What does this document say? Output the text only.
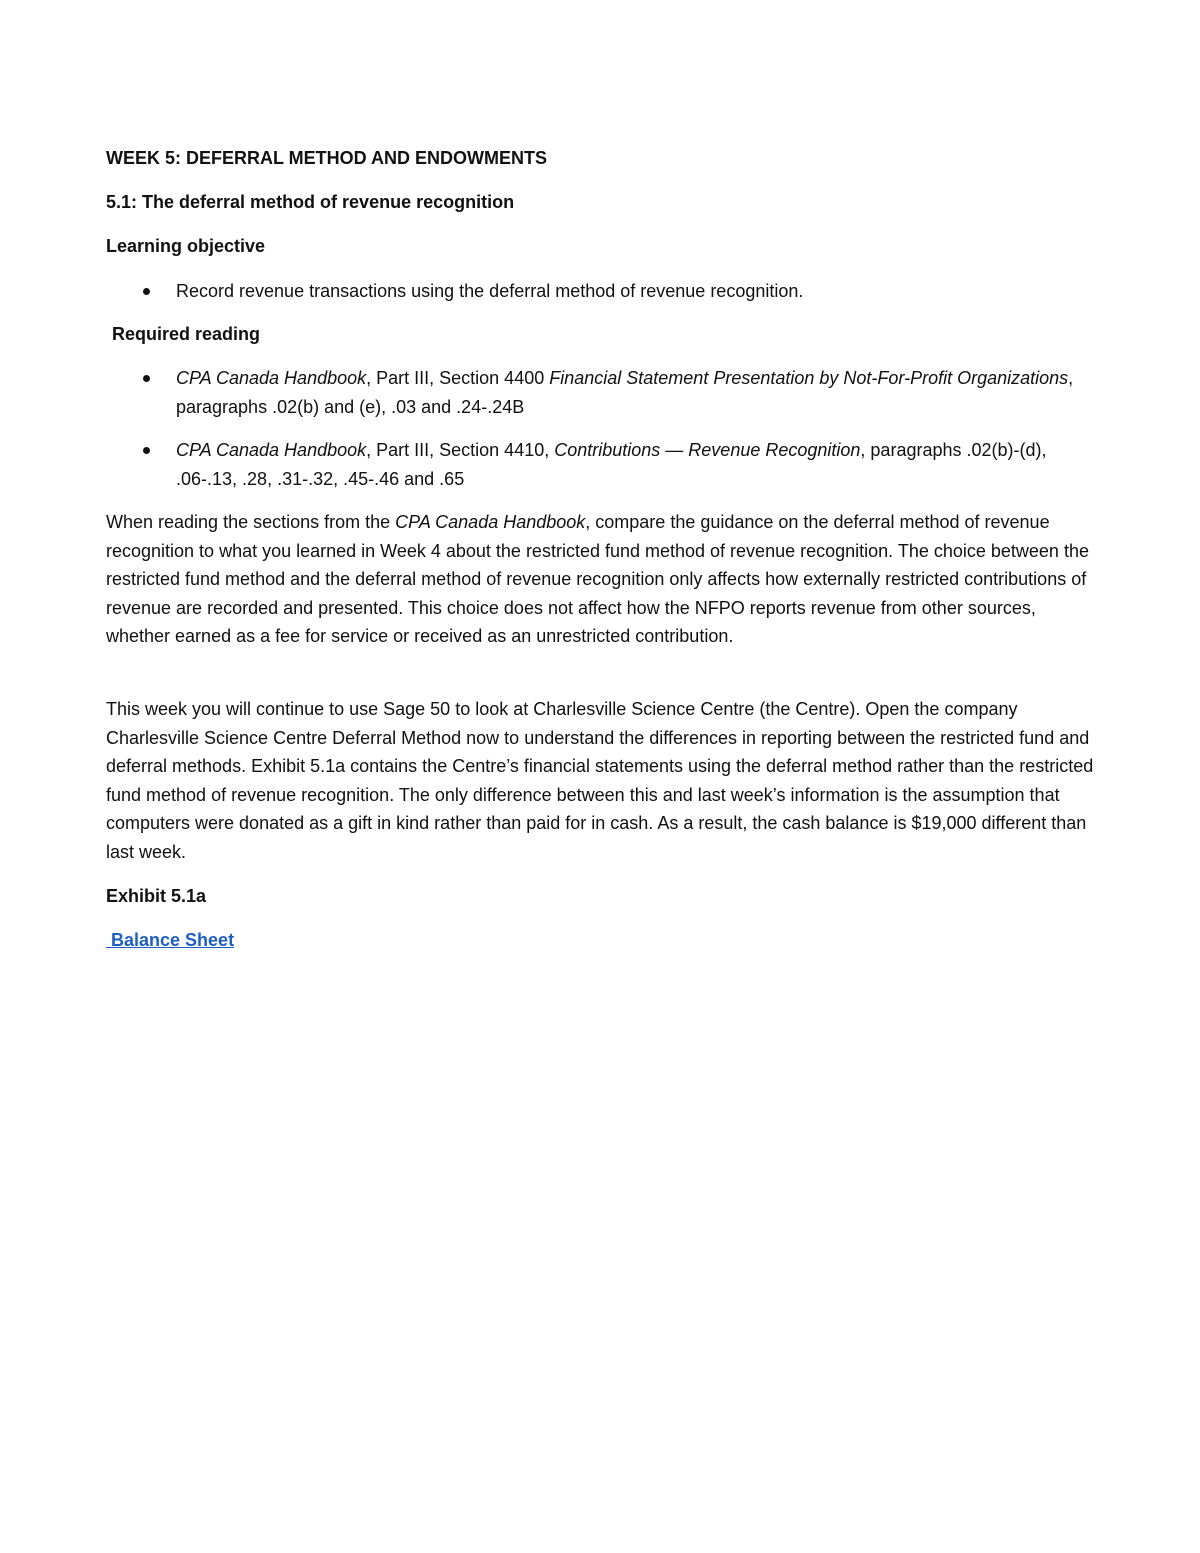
WEEK 5: DEFERRAL METHOD AND ENDOWMENTS

5.1: The deferral method of revenue recognition

Learning objective

Record revenue transactions using the deferral method of revenue recognition.

Required reading

CPA Canada Handbook, Part III, Section 4400 Financial Statement Presentation by Not-For-Profit Organizations, paragraphs .02(b) and (e), .03 and .24-.24B
CPA Canada Handbook, Part III, Section 4410, Contributions — Revenue Recognition, paragraphs .02(b)-(d), .06-.13, .28, .31-.32, .45-.46 and .65

When reading the sections from the CPA Canada Handbook, compare the guidance on the deferral method of revenue recognition to what you learned in Week 4 about the restricted fund method of revenue recognition. The choice between the restricted fund method and the deferral method of revenue recognition only affects how externally restricted contributions of revenue are recorded and presented. This choice does not affect how the NFPO reports revenue from other sources, whether earned as a fee for service or received as an unrestricted contribution.

This week you will continue to use Sage 50 to look at Charlesville Science Centre (the Centre). Open the company Charlesville Science Centre Deferral Method now to understand the differences in reporting between the restricted fund and deferral methods. Exhibit 5.1a contains the Centre’s financial statements using the deferral method rather than the restricted fund method of revenue recognition. The only difference between this and last week’s information is the assumption that computers were donated as a gift in kind rather than paid for in cash. As a result, the cash balance is $19,000 different than last week.

Exhibit 5.1a

Balance Sheet
